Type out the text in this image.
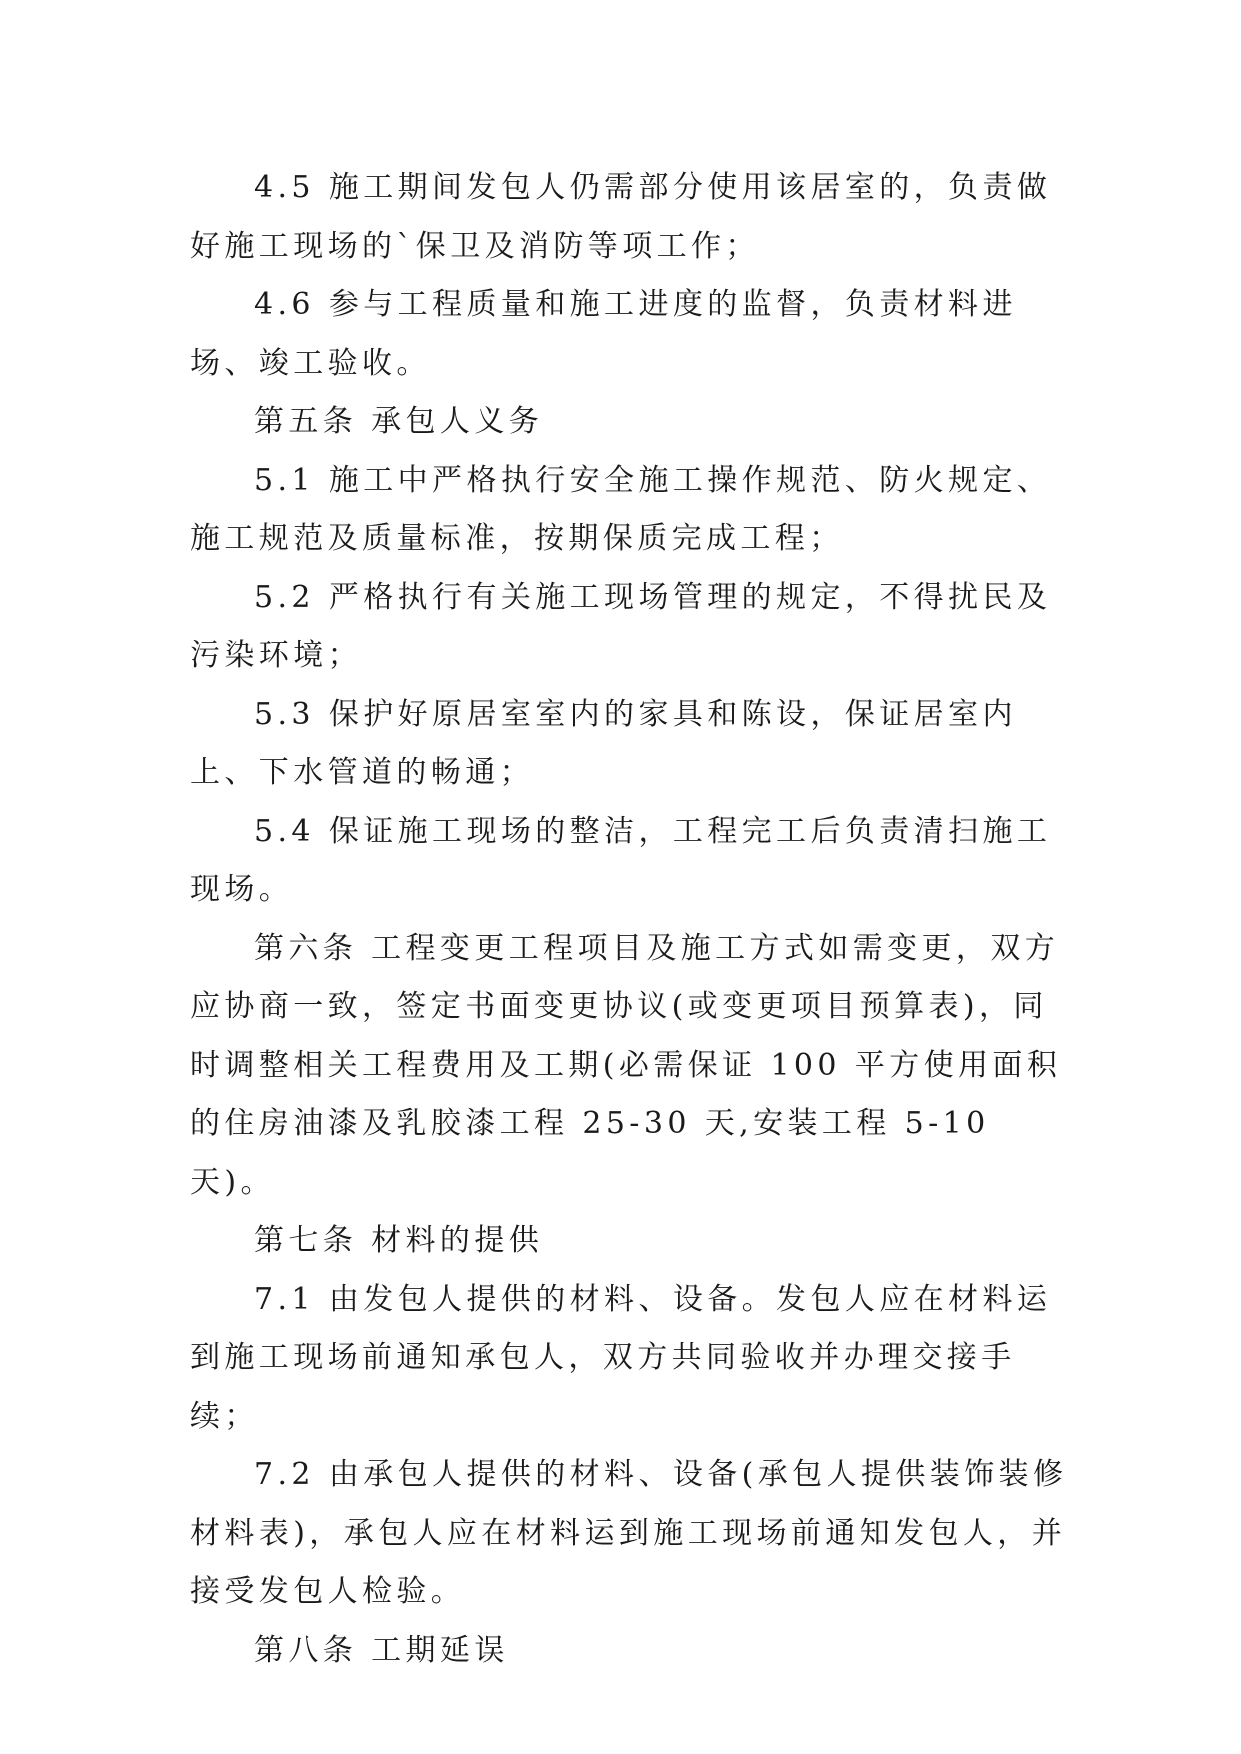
4.5 施工期间发包人仍需部分使用该居室的，负责做好施工现场的`保卫及消防等项工作；

4.6 参与工程质量和施工进度的监督，负责材料进场、竣工验收。

第五条 承包人义务

5.1 施工中严格执行安全施工操作规范、防火规定、施工规范及质量标准，按期保质完成工程；

5.2 严格执行有关施工现场管理的规定，不得扰民及污染环境；

5.3 保护好原居室室内的家具和陈设，保证居室内上、下水管道的畅通；

5.4 保证施工现场的整洁，工程完工后负责清扫施工现场。

第六条 工程变更工程项目及施工方式如需变更，双方应协商一致，签定书面变更协议(或变更项目预算表)，同时调整相关工程费用及工期(必需保证 100 平方使用面积的住房油漆及乳胶漆工程 25-30 天,安装工程 5-10 天)。

第七条 材料的提供

7.1 由发包人提供的材料、设备。发包人应在材料运到施工现场前通知承包人，双方共同验收并办理交接手续；

7.2 由承包人提供的材料、设备(承包人提供装饰装修材料表)，承包人应在材料运到施工现场前通知发包人，并接受发包人检验。

第八条 工期延误
